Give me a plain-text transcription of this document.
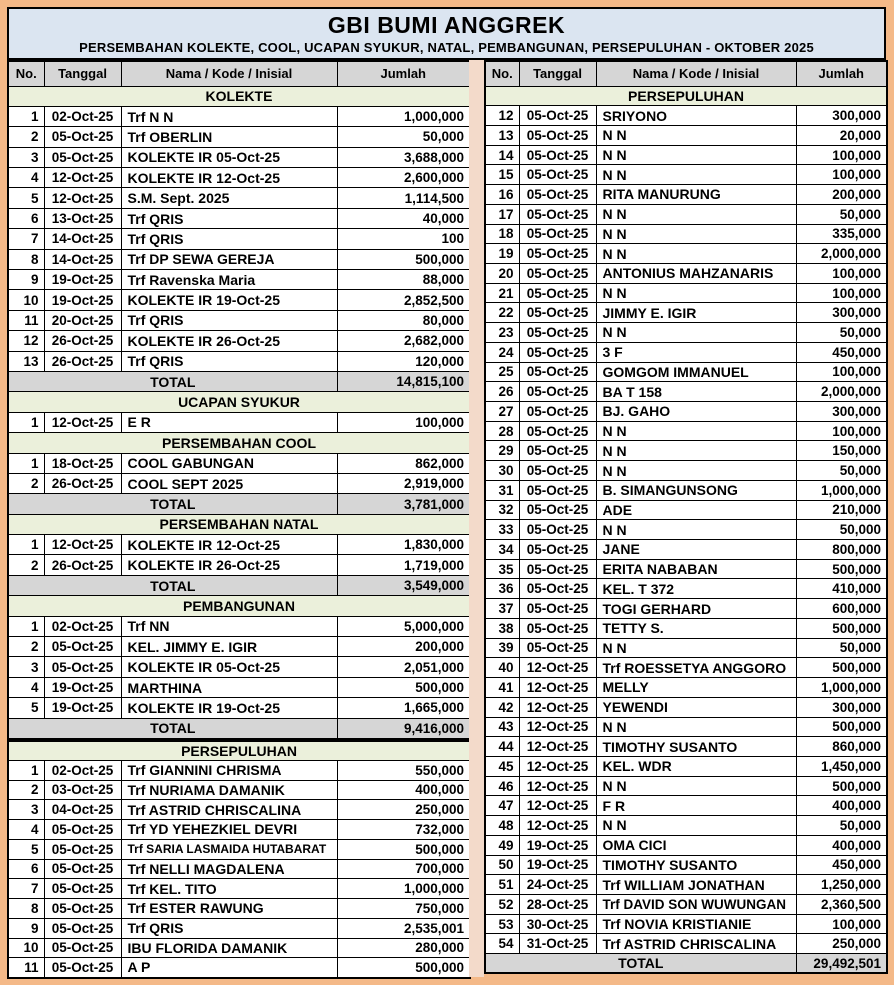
GBI BUMI ANGGREK
PERSEMBAHAN KOLEKTE, COOL, UCAPAN SYUKUR, NATAL, PEMBANGUNAN, PERSEPULUHAN - OKTOBER 2025
No.	Tanggal	Nama / Kode / Inisial	Jumlah
KOLEKTE			
1	02-Oct-25	Trf N N	1,000,000
2	05-Oct-25	Trf OBERLIN	50,000
3	05-Oct-25	KOLEKTE IR 05-Oct-25	3,688,000
4	12-Oct-25	KOLEKTE IR 12-Oct-25	2,600,000
5	12-Oct-25	S.M. Sept. 2025	1,114,500
6	13-Oct-25	Trf QRIS	40,000
7	14-Oct-25	Trf QRIS	100
8	14-Oct-25	Trf DP SEWA GEREJA	500,000
9	19-Oct-25	Trf Ravenska Maria	88,000
10	19-Oct-25	KOLEKTE IR 19-Oct-25	2,852,500
11	20-Oct-25	Trf QRIS	80,000
12	26-Oct-25	KOLEKTE IR 26-Oct-25	2,682,000
13	26-Oct-25	Trf QRIS	120,000
TOTAL			14,815,100
UCAPAN SYUKUR			
1	12-Oct-25	E R	100,000
PERSEMBAHAN COOL			
1	18-Oct-25	COOL GABUNGAN	862,000
2	26-Oct-25	COOL SEPT 2025	2,919,000
TOTAL			3,781,000
PERSEMBAHAN NATAL			
1	12-Oct-25	KOLEKTE IR 12-Oct-25	1,830,000
2	26-Oct-25	KOLEKTE IR 26-Oct-25	1,719,000
TOTAL			3,549,000
PEMBANGUNAN			
1	02-Oct-25	Trf NN	5,000,000
2	05-Oct-25	KEL. JIMMY E. IGIR	200,000
3	05-Oct-25	KOLEKTE IR 05-Oct-25	2,051,000
4	19-Oct-25	MARTHINA	500,000
5	19-Oct-25	KOLEKTE IR 19-Oct-25	1,665,000
TOTAL			9,416,000
PERSEPULUHAN			
1	02-Oct-25	Trf GIANNINI CHRISMA	550,000
2	03-Oct-25	Trf NURIAMA DAMANIK	400,000
3	04-Oct-25	Trf ASTRID CHRISCALINA	250,000
4	05-Oct-25	Trf YD YEHEZKIEL DEVRI	732,000
5	05-Oct-25	Trf SARIA LASMAIDA HUTABARAT	500,000
6	05-Oct-25	Trf NELLI MAGDALENA	700,000
7	05-Oct-25	Trf KEL. TITO	1,000,000
8	05-Oct-25	Trf ESTER RAWUNG	750,000
9	05-Oct-25	Trf QRIS	2,535,001
10	05-Oct-25	IBU FLORIDA DAMANIK	280,000
11	05-Oct-25	A P	500,000
No.	Tanggal	Nama / Kode / Inisial	Jumlah
PERSEPULUHAN			
12	05-Oct-25	SRIYONO	300,000
13	05-Oct-25	N N	20,000
14	05-Oct-25	N N	100,000
15	05-Oct-25	N N	100,000
16	05-Oct-25	RITA MANURUNG	200,000
17	05-Oct-25	N N	50,000
18	05-Oct-25	N N	335,000
19	05-Oct-25	N N	2,000,000
20	05-Oct-25	ANTONIUS MAHZANARIS	100,000
21	05-Oct-25	N N	100,000
22	05-Oct-25	JIMMY E. IGIR	300,000
23	05-Oct-25	N N	50,000
24	05-Oct-25	3 F	450,000
25	05-Oct-25	GOMGOM IMMANUEL	100,000
26	05-Oct-25	BA T 158	2,000,000
27	05-Oct-25	BJ. GAHO	300,000
28	05-Oct-25	N N	100,000
29	05-Oct-25	N N	150,000
30	05-Oct-25	N N	50,000
31	05-Oct-25	B. SIMANGUNSONG	1,000,000
32	05-Oct-25	ADE	210,000
33	05-Oct-25	N N	50,000
34	05-Oct-25	JANE	800,000
35	05-Oct-25	ERITA NABABAN	500,000
36	05-Oct-25	KEL. T 372	410,000
37	05-Oct-25	TOGI GERHARD	600,000
38	05-Oct-25	TETTY S.	500,000
39	05-Oct-25	N N	50,000
40	12-Oct-25	Trf ROESSETYA ANGGORO	500,000
41	12-Oct-25	MELLY	1,000,000
42	12-Oct-25	YEWENDI	300,000
43	12-Oct-25	N N	500,000
44	12-Oct-25	TIMOTHY SUSANTO	860,000
45	12-Oct-25	KEL. WDR	1,450,000
46	12-Oct-25	N N	500,000
47	12-Oct-25	F R	400,000
48	12-Oct-25	N N	50,000
49	19-Oct-25	OMA CICI	400,000
50	19-Oct-25	TIMOTHY SUSANTO	450,000
51	24-Oct-25	Trf WILLIAM JONATHAN	1,250,000
52	28-Oct-25	Trf DAVID SON WUWUNGAN	2,360,500
53	30-Oct-25	Trf NOVIA KRISTIANIE	100,000
54	31-Oct-25	Trf ASTRID CHRISCALINA	250,000
TOTAL			29,492,501
